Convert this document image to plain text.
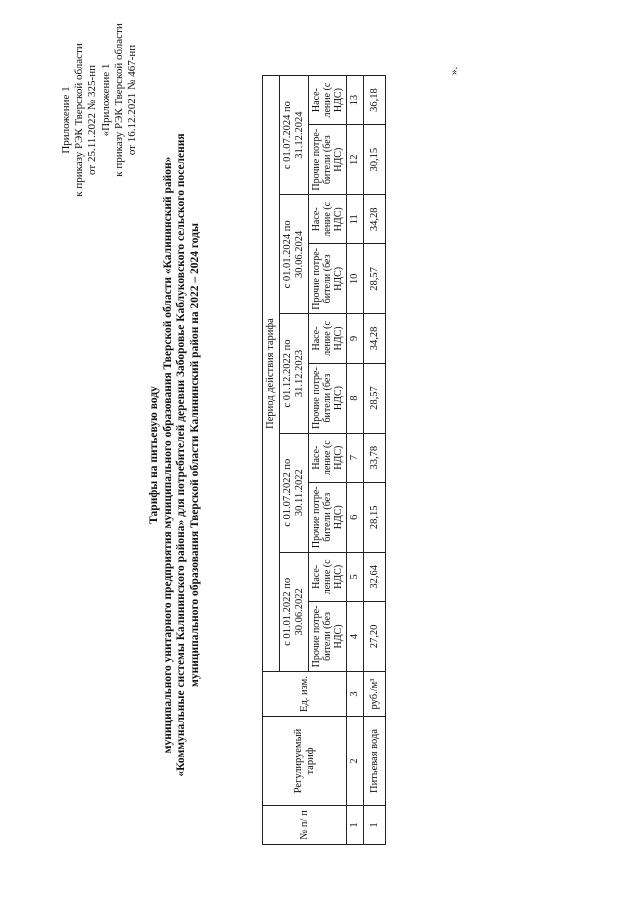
Приложение 1 к приказу РЭК Тверской области от 25.11.2022 № 325-нп «Приложение 1 к приказу РЭК Тверской области от 16.12.2021 № 467-нп
Тарифы на питьевую воду муниципального унитарного предприятия муниципального образования Тверской области «Калининский район» «Коммунальные системы Калининского района» для потребителей деревни Заборовье Каблуковского сельского поселения муниципального образования Тверской области Калининский район на 2022 – 2024 годы
№ п/ п	Регулируемый тариф	Ед. изм.	Период действия тарифа									
			с 01.01.2022 по 30.06.2022		с 01.07.2022 по 30.11.2022		с 01.12.2022 по 31.12.2023		с 01.01.2024 по 30.06.2024		с 01.07.2024 по 31.12.2024	
			Прочие потре- бители (без НДС)	Насе- ление (с НДС)	Прочие потре- бители (без НДС)	Насе- ление (с НДС)	Прочие потре- бители (без НДС)	Насе- ление (с НДС)	Прочие потре- бители (без НДС)	Насе- ление (с НДС)	Прочие потре- бители (без НДС)	Насе- ление (с НДС)
1	2	3	4	5	6	7	8	9	10	11	12	13
1	Питьевая вода	руб./м³	27,20	32,64	28,15	33,78	28,57	34,28	28,57	34,28	30,15	36,18
».
